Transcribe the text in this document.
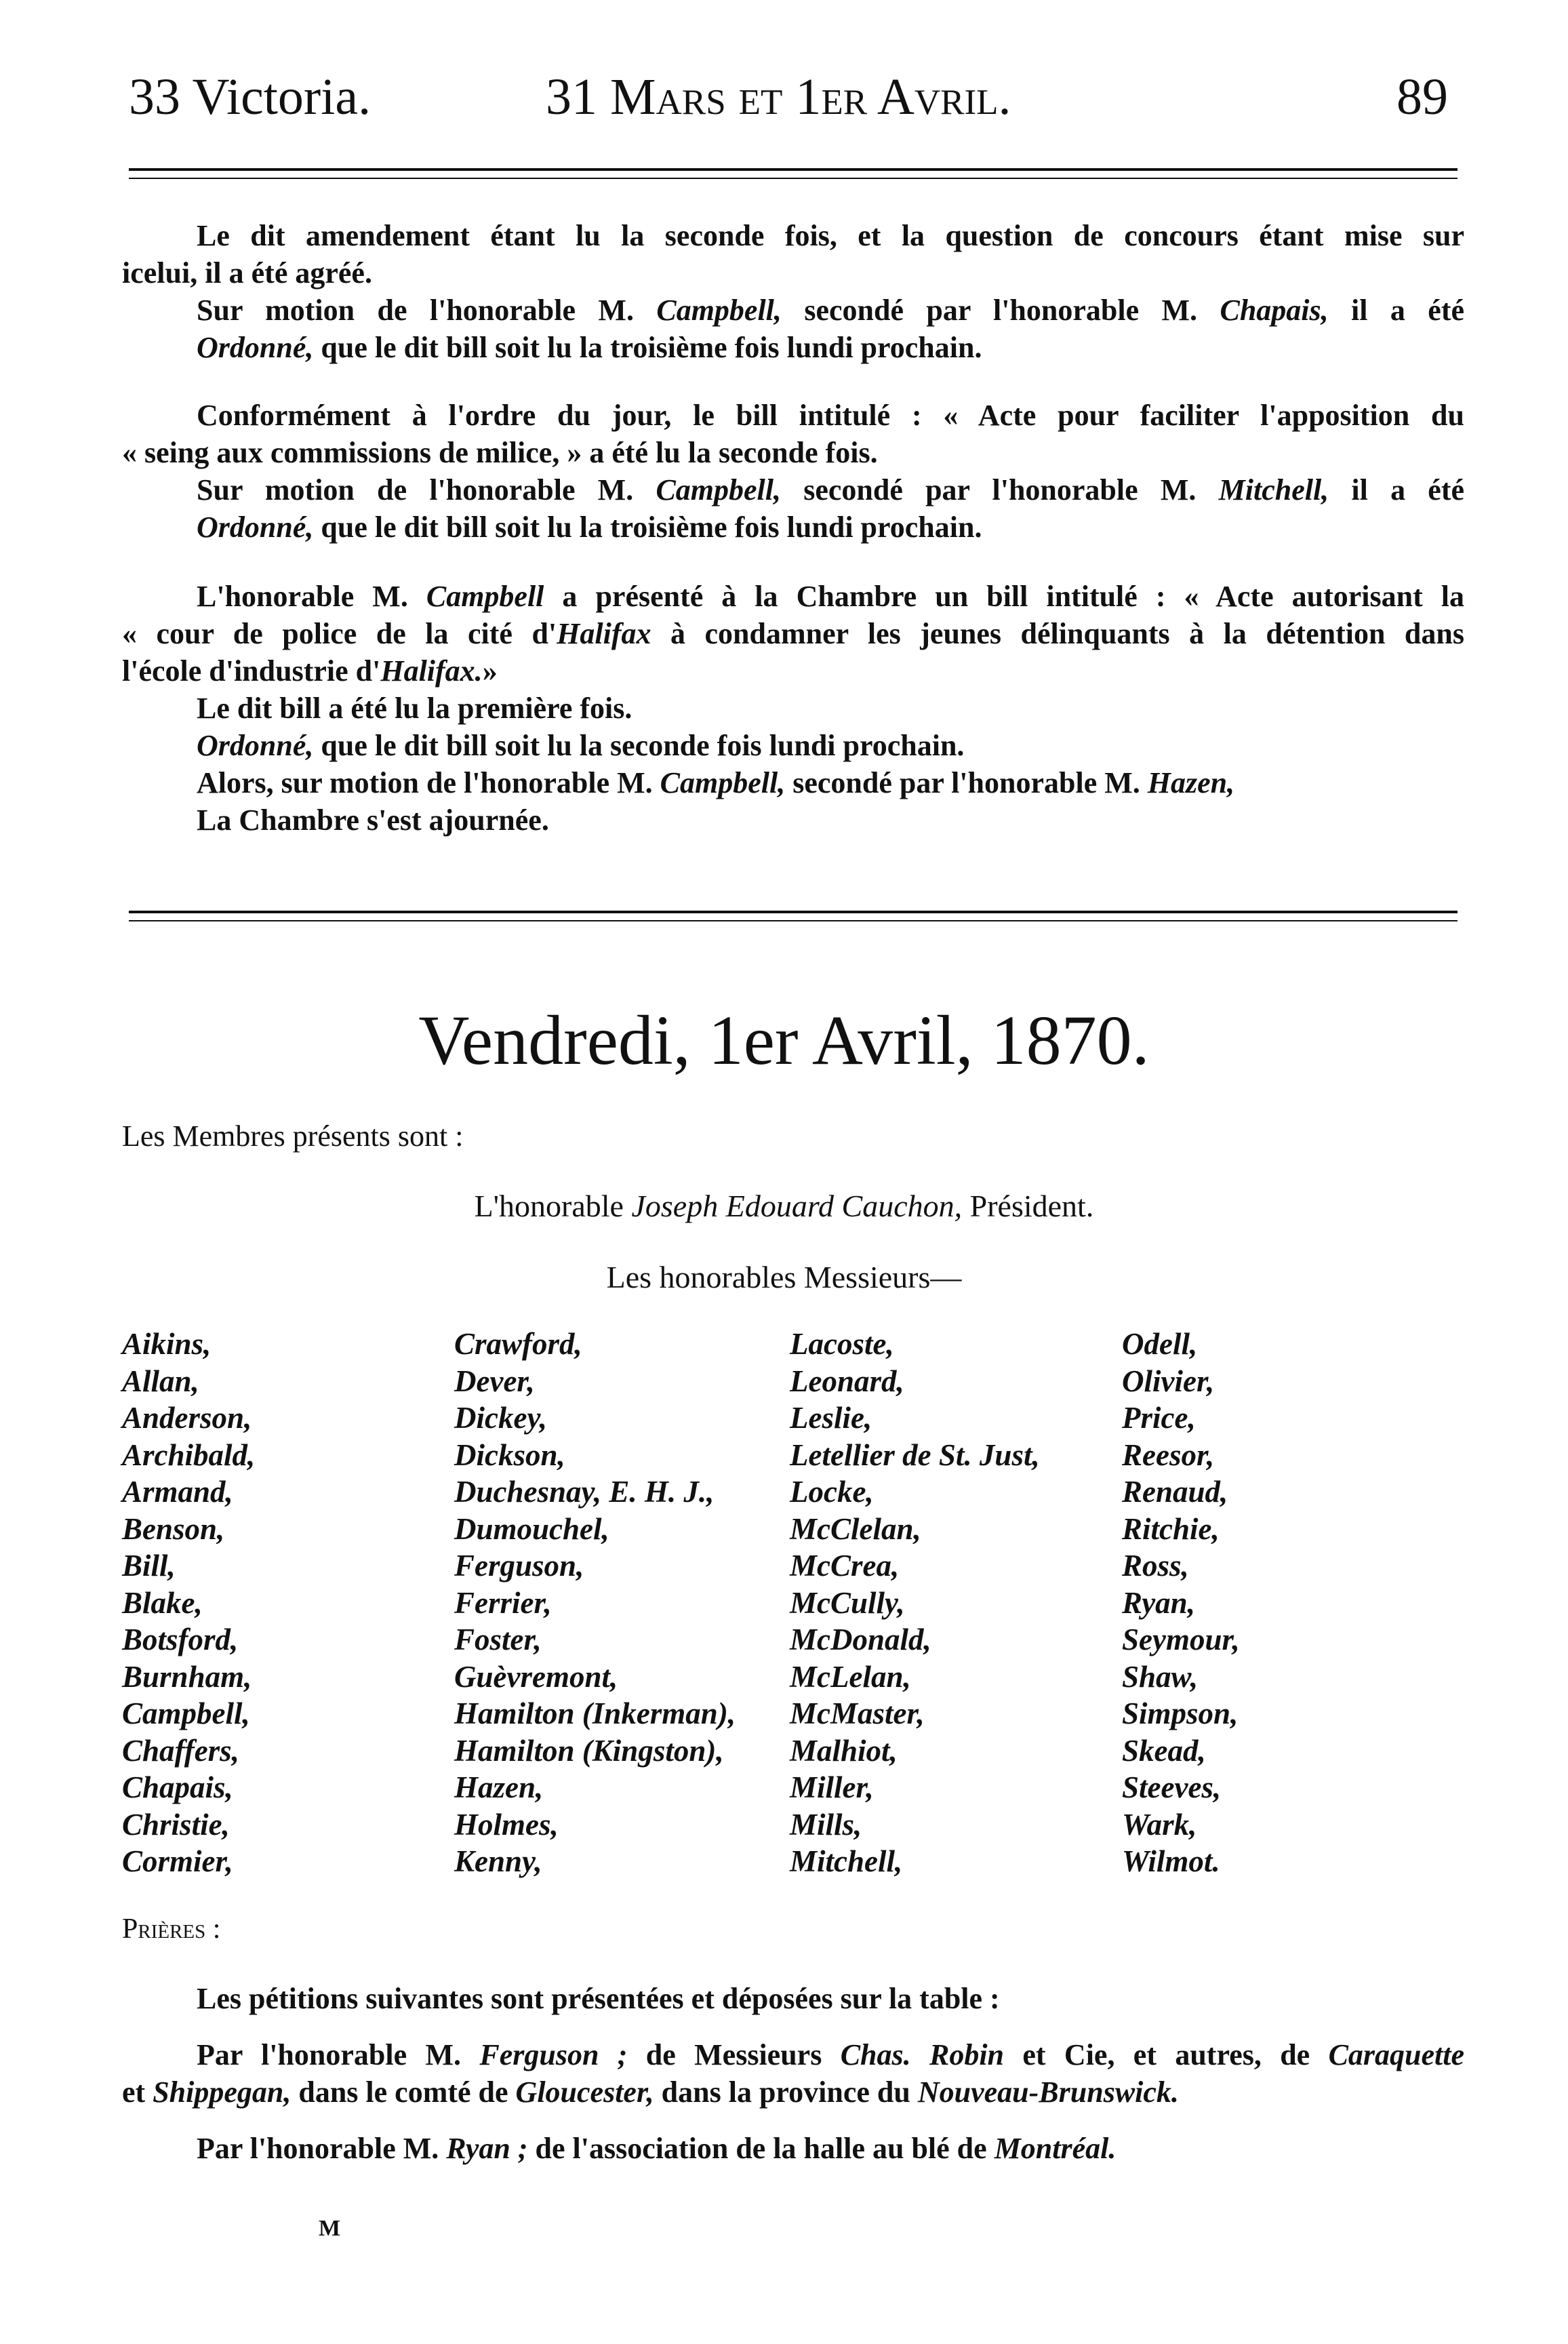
33 Victoria.	31 Mars et 1er Avril.	89

Le dit amendement étant lu la seconde fois, et la question de concours étant mise sur

icelui, il a été agréé.

Sur motion de l'honorable M. Campbell, secondé par l'honorable M. Chapais, il a été

Ordonné, que le dit bill soit lu la troisième fois lundi prochain.

Conformément à l'ordre du jour, le bill intitulé : « Acte pour faciliter l'apposition du

« seing aux commissions de milice, » a été lu la seconde fois.

Sur motion de l'honorable M. Campbell, secondé par l'honorable M. Mitchell, il a été

Ordonné, que le dit bill soit lu la troisième fois lundi prochain.

L'honorable M. Campbell a présenté à la Chambre un bill intitulé : « Acte autorisant la

« cour de police de la cité d'Halifax à condamner les jeunes délinquants à la détention dans

l'école d'industrie d'Halifax.»

Le dit bill a été lu la première fois.

Ordonné, que le dit bill soit lu la seconde fois lundi prochain.

Alors, sur motion de l'honorable M. Campbell, secondé par l'honorable M. Hazen,

La Chambre s'est ajournée.

Vendredi, 1er Avril, 1870.
Les Membres présents sont :
L'honorable Joseph Edouard Cauchon, Président.
Les honorables Messieurs—
Aikins,
Allan,
Anderson,
Archibald,
Armand,
Benson,
Bill,
Blake,
Botsford,
Burnham,
Campbell,
Chaffers,
Chapais,
Christie,
Cormier,
Crawford,
Dever,
Dickey,
Dickson,
Duchesnay, E. H. J.,
Dumouchel,
Ferguson,
Ferrier,
Foster,
Guèvremont,
Hamilton (Inkerman),
Hamilton (Kingston),
Hazen,
Holmes,
Kenny,
Lacoste,
Leonard,
Leslie,
Letellier de St. Just,
Locke,
McClelan,
McCrea,
McCully,
McDonald,
McLelan,
McMaster,
Malhiot,
Miller,
Mills,
Mitchell,
Odell,
Olivier,
Price,
Reesor,
Renaud,
Ritchie,
Ross,
Ryan,
Seymour,
Shaw,
Simpson,
Skead,
Steeves,
Wark,
Wilmot.
Prières :

Les pétitions suivantes sont présentées et déposées sur la table :

Par l'honorable M. Ferguson ; de Messieurs Chas. Robin et Cie, et autres, de Caraquette

et Shippegan, dans le comté de Gloucester, dans la province du Nouveau-Brunswick.

Par l'honorable M. Ryan ; de l'association de la halle au blé de Montréal.

M
